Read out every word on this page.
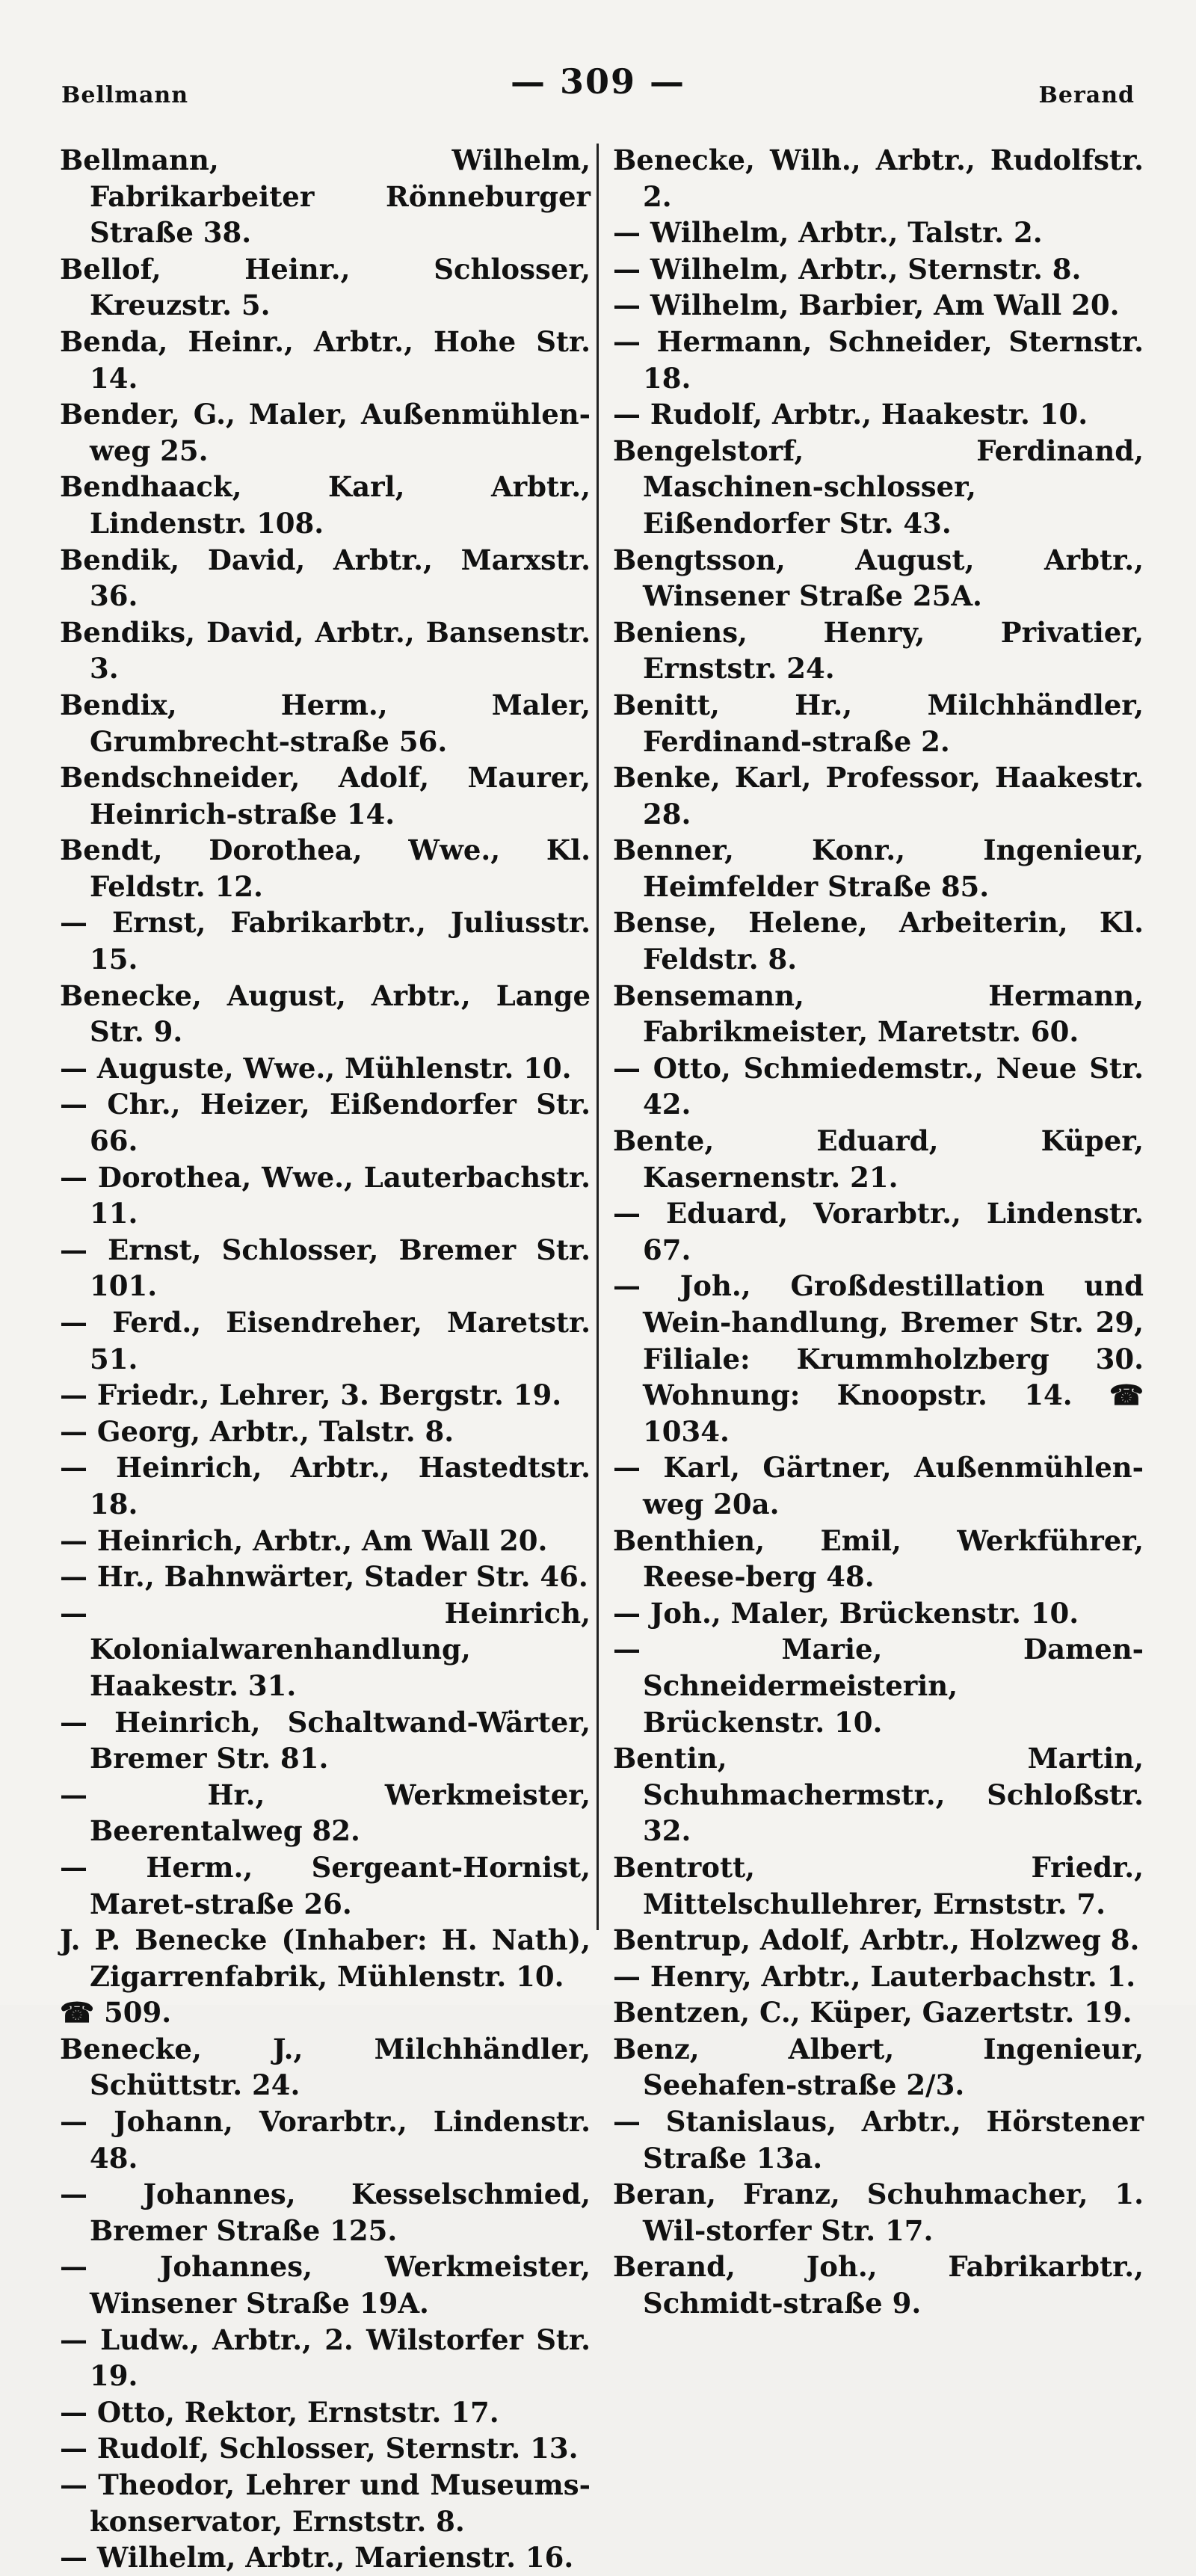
Bellmann	— 309 —	Berand
Bellmann, Wilhelm, Fabrikarbeiter Rönneburger Straße 38.
Bellof, Heinr., Schlosser, Kreuzstr. 5.
Benda, Heinr., Arbtr., Hohe Str. 14.
Bender, G., Maler, Außenmühlen-weg 25.
Bendhaack, Karl, Arbtr., Lindenstr. 108.
Bendik, David, Arbtr., Marxstr. 36.
Bendiks, David, Arbtr., Bansenstr. 3.
Bendix, Herm., Maler, Grumbrecht-straße 56.
Bendschneider, Adolf, Maurer, Heinrich-straße 14.
Bendt, Dorothea, Wwe., Kl. Feldstr. 12.
— Ernst, Fabrikarbtr., Juliusstr. 15.
Benecke, August, Arbtr., Lange Str. 9.
— Auguste, Wwe., Mühlenstr. 10.
— Chr., Heizer, Eißendorfer Str. 66.
— Dorothea, Wwe., Lauterbachstr. 11.
— Ernst, Schlosser, Bremer Str. 101.
— Ferd., Eisendreher, Maretstr. 51.
— Friedr., Lehrer, 3. Bergstr. 19.
— Georg, Arbtr., Talstr. 8.
— Heinrich, Arbtr., Hastedtstr. 18.
— Heinrich, Arbtr., Am Wall 20.
— Hr., Bahnwärter, Stader Str. 46.
— Heinrich, Kolonialwarenhandlung, Haakestr. 31.
— Heinrich, Schaltwand-Wärter, Bremer Str. 81.
— Hr., Werkmeister, Beerentalweg 82.
— Herm., Sergeant-Hornist, Maret-straße 26.
J. P. Benecke (Inhaber: H. Nath), Zigarrenfabrik, Mühlenstr. 10.
☎ 509.
Benecke, J., Milchhändler, Schüttstr. 24.
— Johann, Vorarbtr., Lindenstr. 48.
— Johannes, Kesselschmied, Bremer Straße 125.
— Johannes, Werkmeister, Winsener Straße 19A.
— Ludw., Arbtr., 2. Wilstorfer Str. 19.
— Otto, Rektor, Ernststr. 17.
— Rudolf, Schlosser, Sternstr. 13.
— Theodor, Lehrer und Museums-konservator, Ernststr. 8.
— Wilhelm, Arbtr., Marienstr. 16.
Benecke, Wilh., Arbtr., Rudolfstr. 2.
— Wilhelm, Arbtr., Talstr. 2.
— Wilhelm, Arbtr., Sternstr. 8.
— Wilhelm, Barbier, Am Wall 20.
— Hermann, Schneider, Sternstr. 18.
— Rudolf, Arbtr., Haakestr. 10.
Bengelstorf, Ferdinand, Maschinen-schlosser, Eißendorfer Str. 43.
Bengtsson, August, Arbtr., Winsener Straße 25A.
Beniens, Henry, Privatier, Ernststr. 24.
Benitt, Hr., Milchhändler, Ferdinand-straße 2.
Benke, Karl, Professor, Haakestr. 28.
Benner, Konr., Ingenieur, Heimfelder Straße 85.
Bense, Helene, Arbeiterin, Kl. Feldstr. 8.
Bensemann, Hermann, Fabrikmeister, Maretstr. 60.
— Otto, Schmiedemstr., Neue Str. 42.
Bente, Eduard, Küper, Kasernenstr. 21.
— Eduard, Vorarbtr., Lindenstr. 67.
— Joh., Großdestillation und Wein-handlung, Bremer Str. 29, Filiale: Krummholzberg 30. Wohnung: Knoopstr. 14. ☎ 1034.
— Karl, Gärtner, Außenmühlen-weg 20a.
Benthien, Emil, Werkführer, Reese-berg 48.
— Joh., Maler, Brückenstr. 10.
— Marie, Damen-Schneidermeisterin, Brückenstr. 10.
Bentin, Martin, Schuhmachermstr., Schloßstr. 32.
Bentrott, Friedr., Mittelschullehrer, Ernststr. 7.
Bentrup, Adolf, Arbtr., Holzweg 8.
— Henry, Arbtr., Lauterbachstr. 1.
Bentzen, C., Küper, Gazertstr. 19.
Benz, Albert, Ingenieur, Seehafen-straße 2/3.
— Stanislaus, Arbtr., Hörstener Straße 13a.
Beran, Franz, Schuhmacher, 1. Wil-storfer Str. 17.
Berand, Joh., Fabrikarbtr., Schmidt-straße 9.
